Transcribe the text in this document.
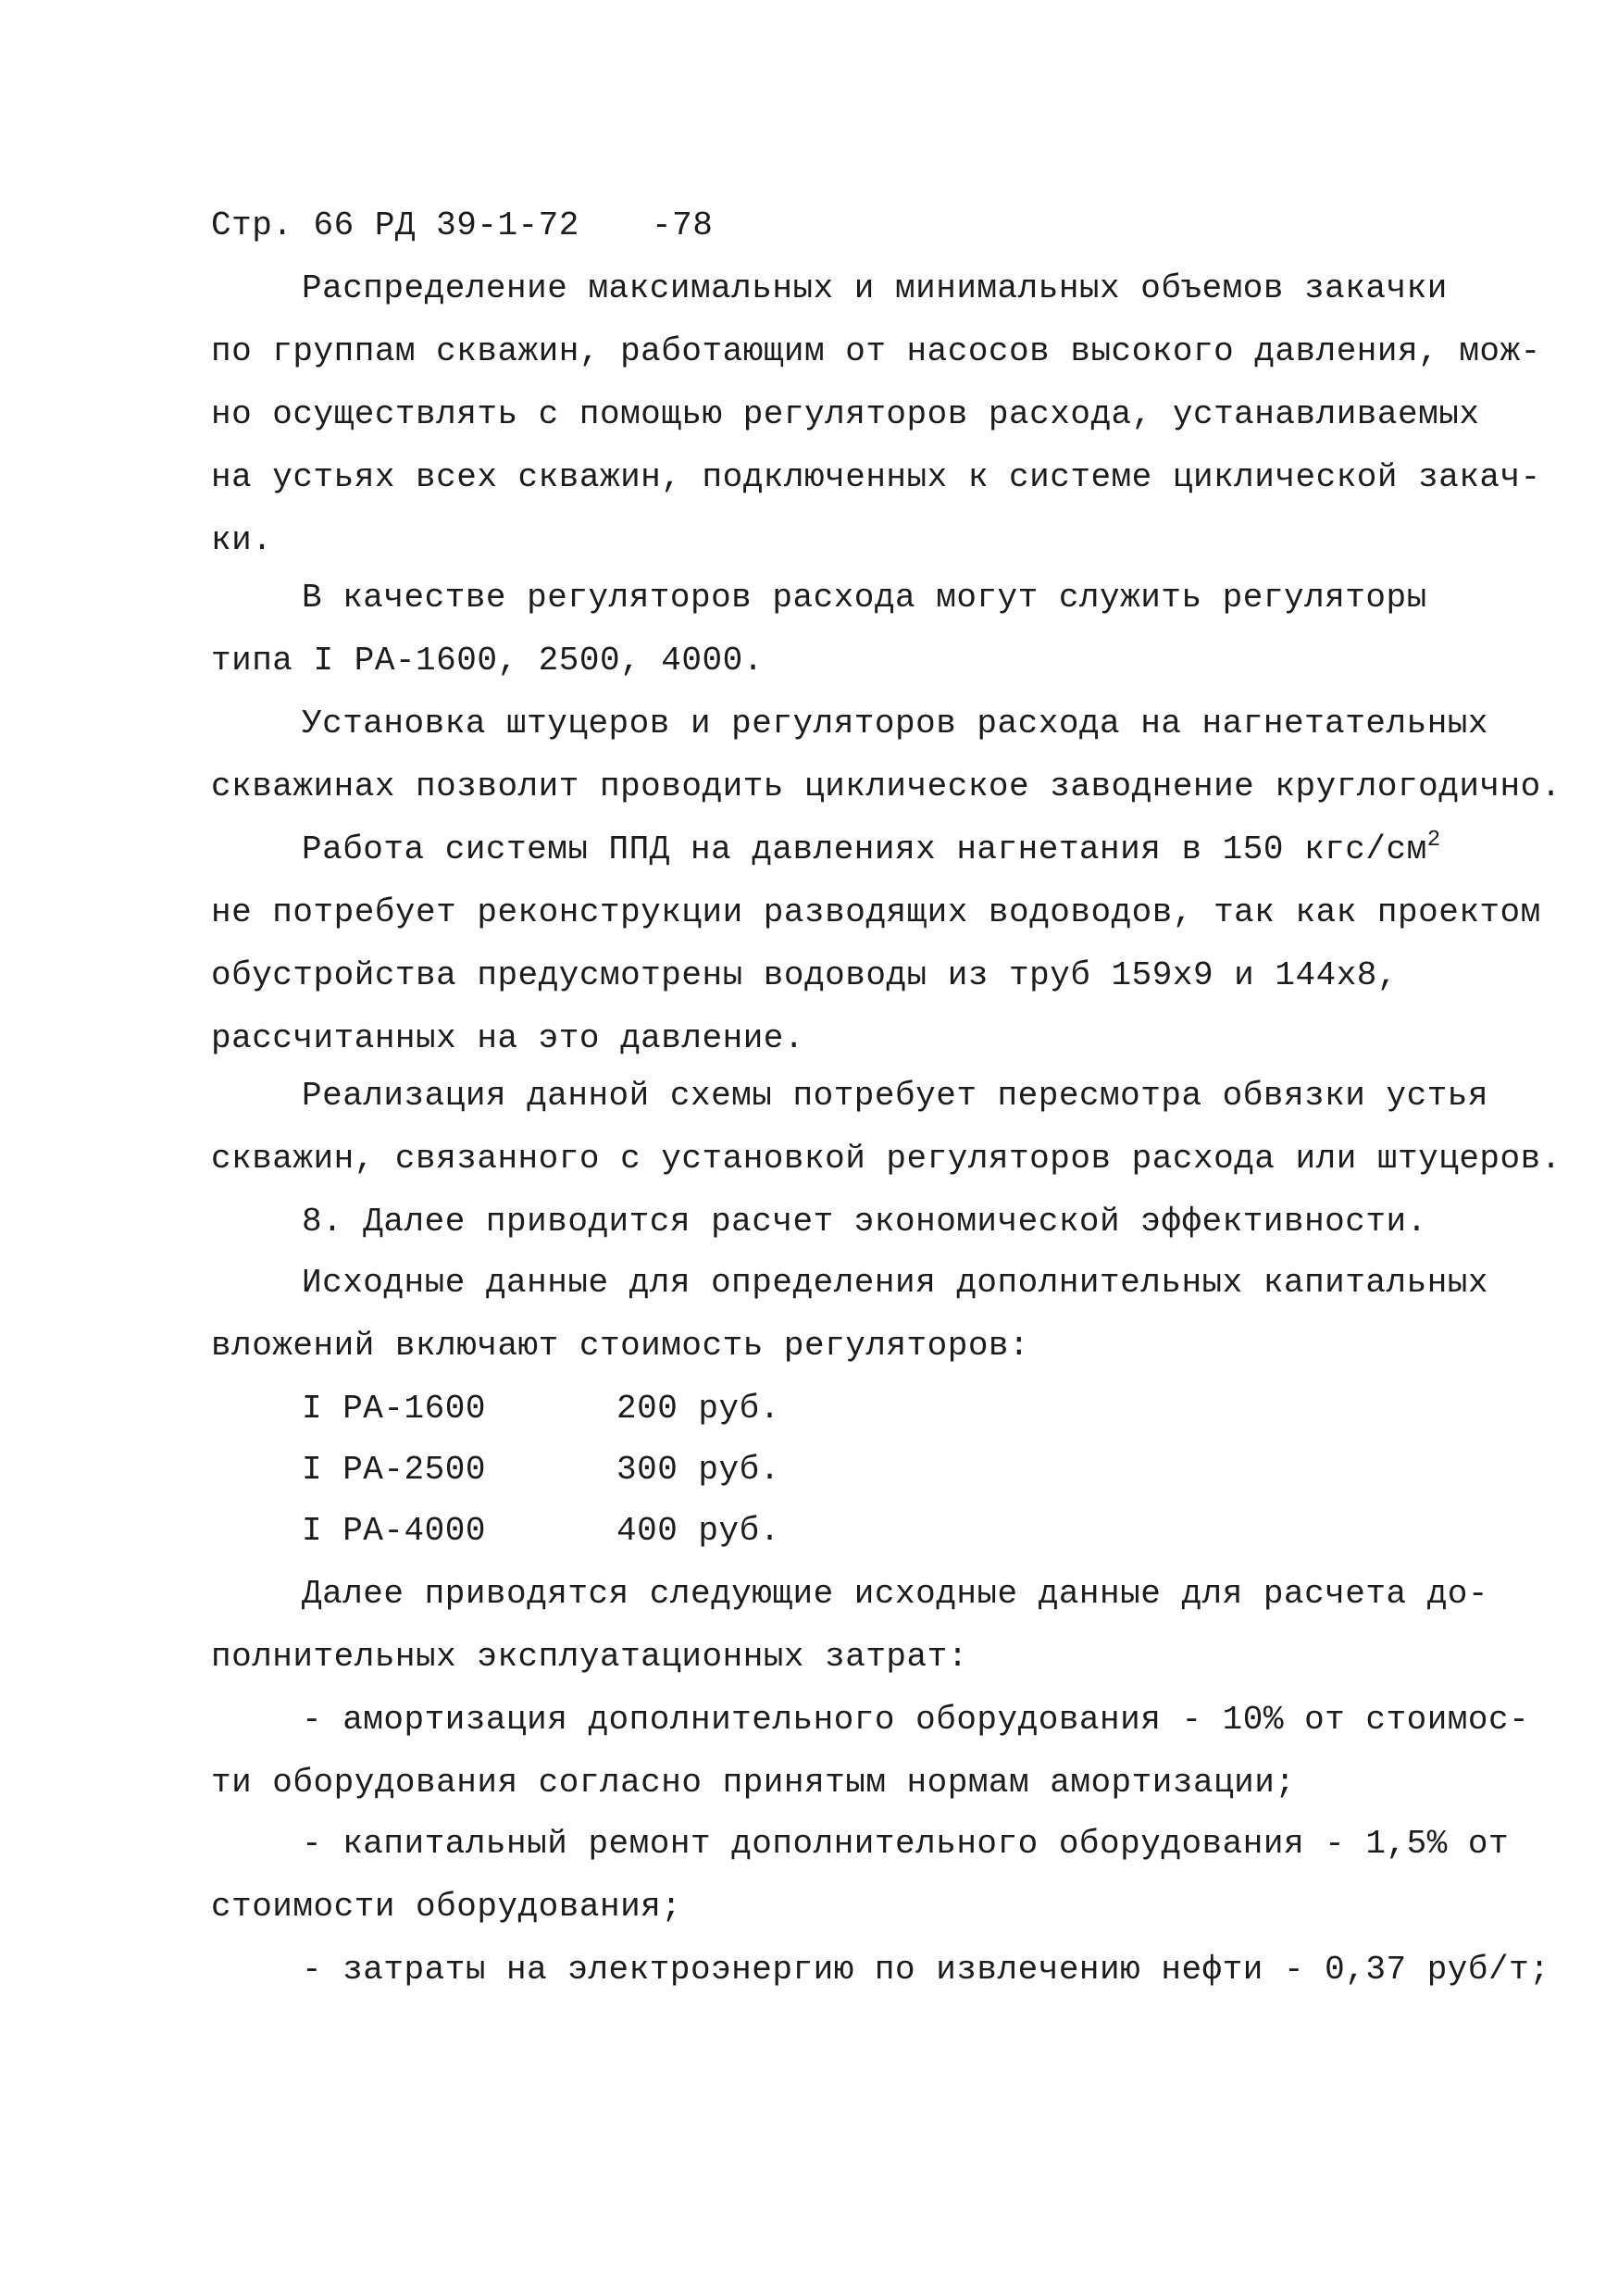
Стр. 66 РД 39-1-72 -78
Распределение максимальных и минимальных объемов закачки
по группам скважин, работающим от насосов высокого давления, мож-
но осуществлять с помощью регуляторов расхода, устанавливаемых
на устьях всех скважин, подключенных к системе циклической закач-
ки.
В качестве регуляторов расхода могут служить регуляторы
типа I РА-1600, 2500, 4000.
Установка штуцеров и регуляторов расхода на нагнетательных
скважинах позволит проводить циклическое заводнение круглогодично.
Работа системы ППД на давлениях нагнетания в 150 кгс/$см^2$
не потребует реконструкции разводящих водоводов, так как проектом
обустройства предусмотрены водоводы из труб 159х9 и 144х8,
рассчитанных на это давление.
Реализация данной схемы потребует пересмотра обвязки устья
скважин, связанного с установкой регуляторов расхода или штуцеров.
8. Далее приводится расчет экономической эффективности.
Исходные данные для определения дополнительных капитальных
вложений включают стоимость регуляторов:
I РА-1600	200 руб.
I РА-2500	300 руб.
I РА-4000	400 руб.
Далее приводятся следующие исходные данные для расчета до-
полнительных эксплуатационных затрат:
- амортизация дополнительного оборудования - 10% от стоимос-
ти оборудования согласно принятым нормам амортизации;
- капитальный ремонт дополнительного оборудования - 1,5% от
стоимости оборудования;
- затраты на электроэнергию по извлечению нефти - 0,37 руб/т;
